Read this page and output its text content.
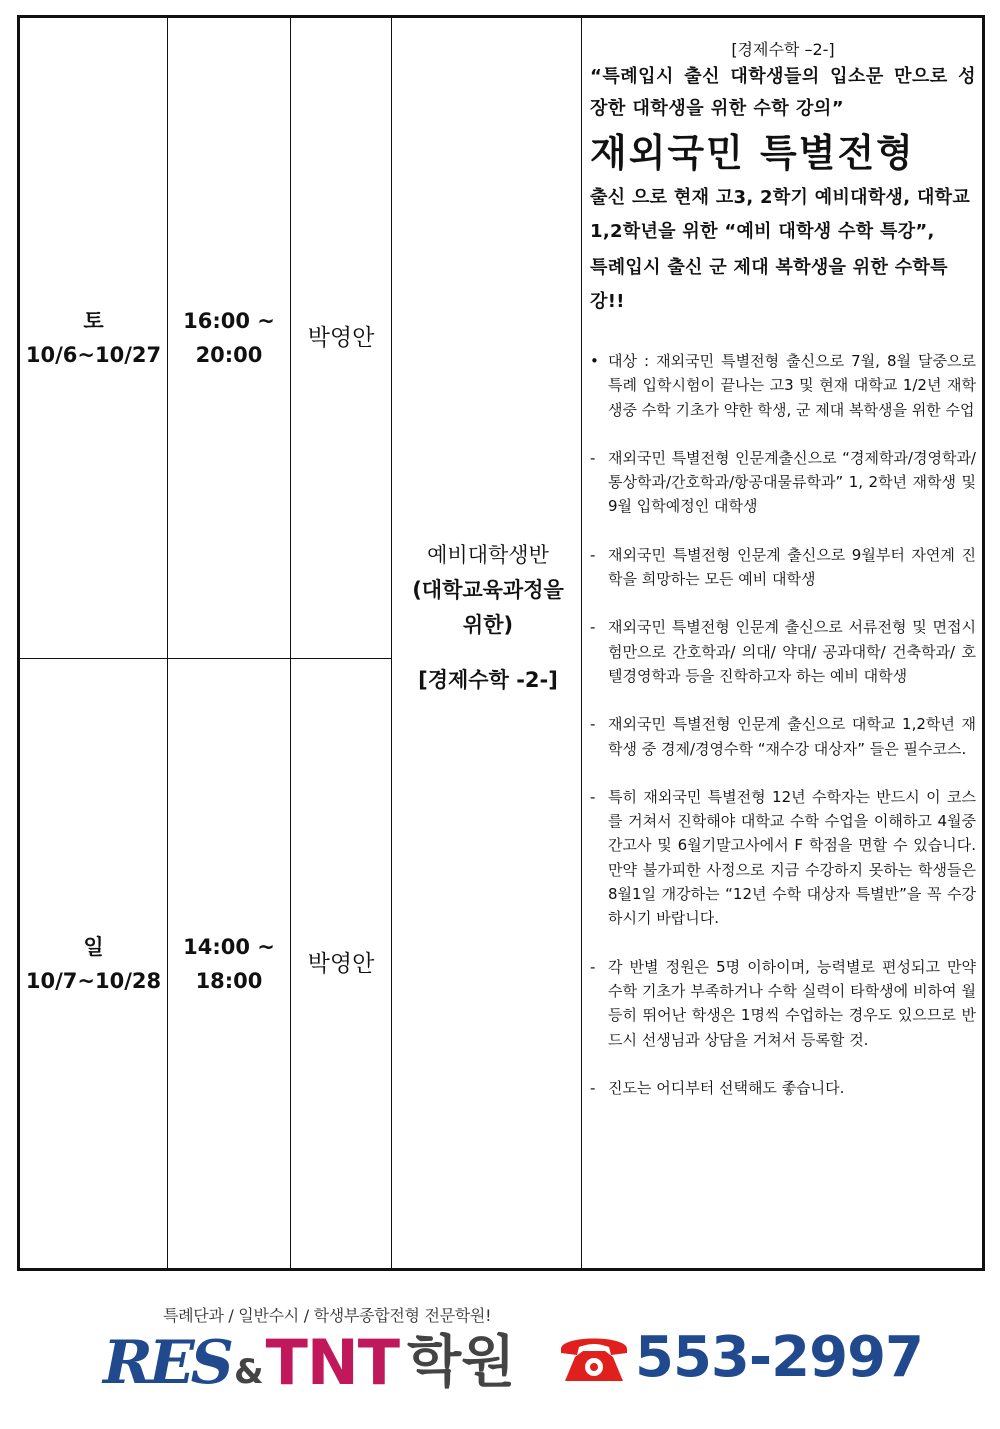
토
10/6~10/27
16:00 ~
20:00
박영안
일
10/7~10/28
14:00 ~
18:00
박영안
예비대학생반
(대학교육과정을
위한)
[경제수학 -2-]
[경제수학 –2-]
“특례입시 출신 대학생들의 입소문 만으로 성장한 대학생을 위한 수학 강의”
재외국민 특별전형
출신 으로 현재 고3, 2학기 예비대학생, 대학교 1,2학년을 위한 “예비 대학생 수학 특강”,
특례입시 출신 군 제대 복학생을 위한 수학특강!!
• 대상 : 재외국민 특별전형 출신으로 7월, 8월 달중으로 특례 입학시험이 끝나는 고3 및 현재 대학교 1/2년 재학생중 수학 기초가 약한 학생, 군 제대 복학생을 위한 수업
- 재외국민 특별전형 인문계출신으로 “경제학과/경영학과/통상학과/간호학과/항공대물류학과” 1, 2학년 재학생 및 9월 입학예정인 대학생
- 재외국민 특별전형 인문계 출신으로 9월부터 자연계 진학을 희망하는 모든 예비 대학생
- 재외국민 특별전형 인문계 출신으로 서류전형 및 면접시험만으로 간호학과/ 의대/ 약대/ 공과대학/ 건축학과/ 호텔경영학과 등을 진학하고자 하는 예비 대학생
- 재외국민 특별전형 인문계 출신으로 대학교 1,2학년 재학생 중 경제/경영수학 “재수강 대상자” 들은 필수코스.
- 특히 재외국민 특별전형 12년 수학자는 반드시 이 코스를 거쳐서 진학해야 대학교 수학 수업을 이해하고 4월중간고사 및 6월기말고사에서 F 학점을 면할 수 있습니다. 만약 불가피한 사정으로 지금 수강하지 못하는 학생들은 8월1일 개강하는 “12년 수학 대상자 특별반”을 꼭 수강하시기 바랍니다.
- 각 반별 정원은 5명 이하이며, 능력별로 편성되고 만약 수학 기초가 부족하거나 수학 실력이 타학생에 비하여 월등히 뛰어난 학생은 1명씩 수업하는 경우도 있으므로 반드시 선생님과 상담을 거쳐서 등록할 것.
- 진도는 어디부터 선택해도 좋습니다.
특례단과 / 일반수시 / 학생부종합전형 전문학원!
RES & TNT 학원 553-2997
